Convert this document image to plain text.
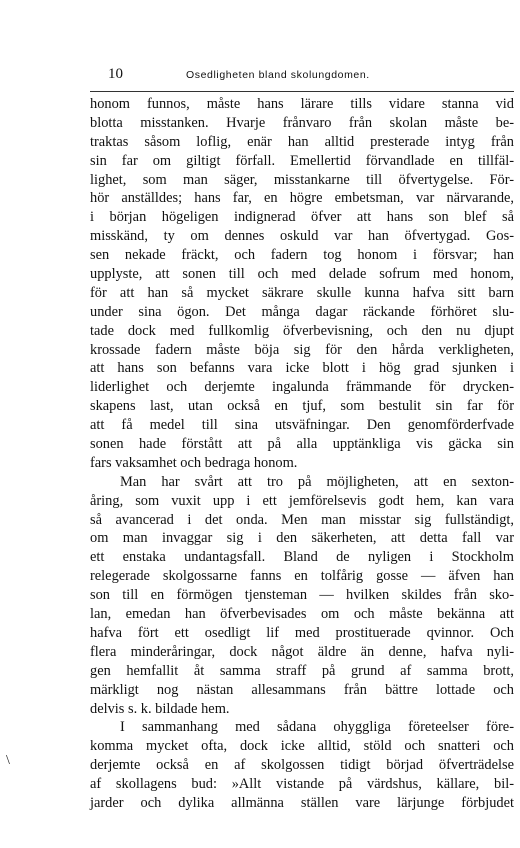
10	Osedligheten bland skolungdomen.
honom funnos, måste hans lärare tills vidare stanna vid
blotta misstanken. Hvarje frånvaro från skolan måste be-
traktas såsom loflig, enär han alltid presterade intyg från
sin far om giltigt förfall. Emellertid förvandlade en tillfäl-
lighet, som man säger, misstankarne till öfvertygelse. För-
hör anställdes; hans far, en högre embetsman, var närvarande,
i början högeligen indignerad öfver att hans son blef så
misskänd, ty om dennes oskuld var han öfvertygad. Gos-
sen nekade fräckt, och fadern tog honom i försvar; han
upplyste, att sonen till och med delade sofrum med honom,
för att han så mycket säkrare skulle kunna hafva sitt barn
under sina ögon. Det många dagar räckande förhöret slu-
tade dock med fullkomlig öfverbevisning, och den nu djupt
krossade fadern måste böja sig för den hårda verkligheten,
att hans son befanns vara icke blott i hög grad sjunken i
liderlighet och derjemte ingalunda främmande för drycken-
skapens last, utan också en tjuf, som bestulit sin far för
att få medel till sina utsväfningar. Den genomförderfvade
sonen hade förstått att på alla upptänkliga vis gäcka sin
fars vaksamhet och bedraga honom.
Man har svårt att tro på möjligheten, att en sexton-
åring, som vuxit upp i ett jemförelsevis godt hem, kan vara
så avancerad i det onda. Men man misstar sig fullständigt,
om man invaggar sig i den säkerheten, att detta fall var
ett enstaka undantagsfall. Bland de nyligen i Stockholm
relegerade skolgossarne fanns en tolfårig gosse — äfven han
son till en förmögen tjensteman — hvilken skildes från sko-
lan, emedan han öfverbevisades om och måste bekänna att
hafva fört ett osedligt lif med prostituerade qvinnor. Och
flera minderåringar, dock något äldre än denne, hafva nyli-
gen hemfallit åt samma straff på grund af samma brott,
märkligt nog nästan allesammans från bättre lottade och
delvis s. k. bildade hem.
I sammanhang med sådana ohyggliga företeelser före-
komma mycket ofta, dock icke alltid, stöld och snatteri och
derjemte också en af skolgossen tidigt börjad öfverträdelse
af skollagens bud: »Allt vistande på värdshus, källare, bil-
jarder och dylika allmänna ställen vare lärjunge förbjudet
\
